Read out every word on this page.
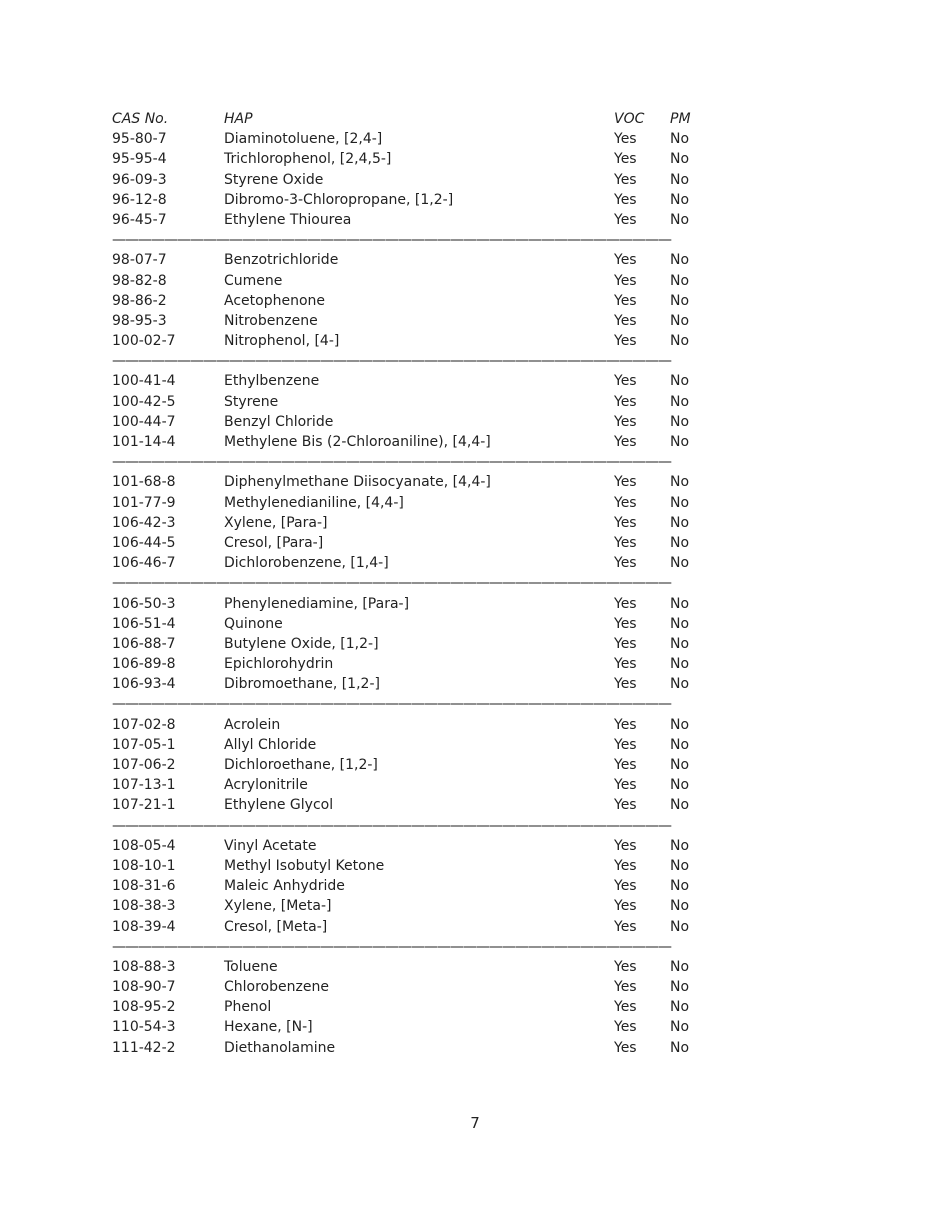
CAS No.	HAP	VOC PM
95-80-7	Diaminotoluene, [2,4-]	Yes No
95-95-4	Trichlorophenol, [2,4,5-]	Yes No
96-09-3	Styrene Oxide	Yes No
96-12-8	Dibromo-3-Chloropropane, [1,2-]	Yes No
96-45-7	Ethylene Thiourea	Yes No
———————————————————————————————————————————
98-07-7	Benzotrichloride	Yes No
98-82-8	Cumene	Yes No
98-86-2	Acetophenone	Yes No
98-95-3	Nitrobenzene	Yes No
100-02-7	Nitrophenol, [4-]	Yes No
———————————————————————————————————————————
100-41-4	Ethylbenzene	Yes No
100-42-5	Styrene	Yes No
100-44-7	Benzyl Chloride	Yes No
101-14-4	Methylene Bis (2-Chloroaniline), [4,4-]	Yes No
———————————————————————————————————————————
101-68-8	Diphenylmethane Diisocyanate, [4,4-]	Yes No
101-77-9	Methylenedianiline, [4,4-]	Yes No
106-42-3	Xylene, [Para-]	Yes No
106-44-5	Cresol, [Para-]	Yes No
106-46-7	Dichlorobenzene, [1,4-]	Yes No
———————————————————————————————————————————
106-50-3	Phenylenediamine, [Para-]	Yes No
106-51-4	Quinone	Yes No
106-88-7	Butylene Oxide, [1,2-]	Yes No
106-89-8	Epichlorohydrin	Yes No
106-93-4	Dibromoethane, [1,2-]	Yes No
———————————————————————————————————————————
107-02-8	Acrolein	Yes No
107-05-1	Allyl Chloride	Yes No
107-06-2	Dichloroethane, [1,2-]	Yes No
107-13-1	Acrylonitrile	Yes No
107-21-1	Ethylene Glycol	Yes No
———————————————————————————————————————————
108-05-4	Vinyl Acetate	Yes No
108-10-1	Methyl Isobutyl Ketone	Yes No
108-31-6	Maleic Anhydride	Yes No
108-38-3	Xylene, [Meta-]	Yes No
108-39-4	Cresol, [Meta-]	Yes No
———————————————————————————————————————————
108-88-3	Toluene	Yes No
108-90-7	Chlorobenzene	Yes No
108-95-2	Phenol	Yes No
110-54-3	Hexane, [N-]	Yes No
111-42-2	Diethanolamine	Yes No
7
